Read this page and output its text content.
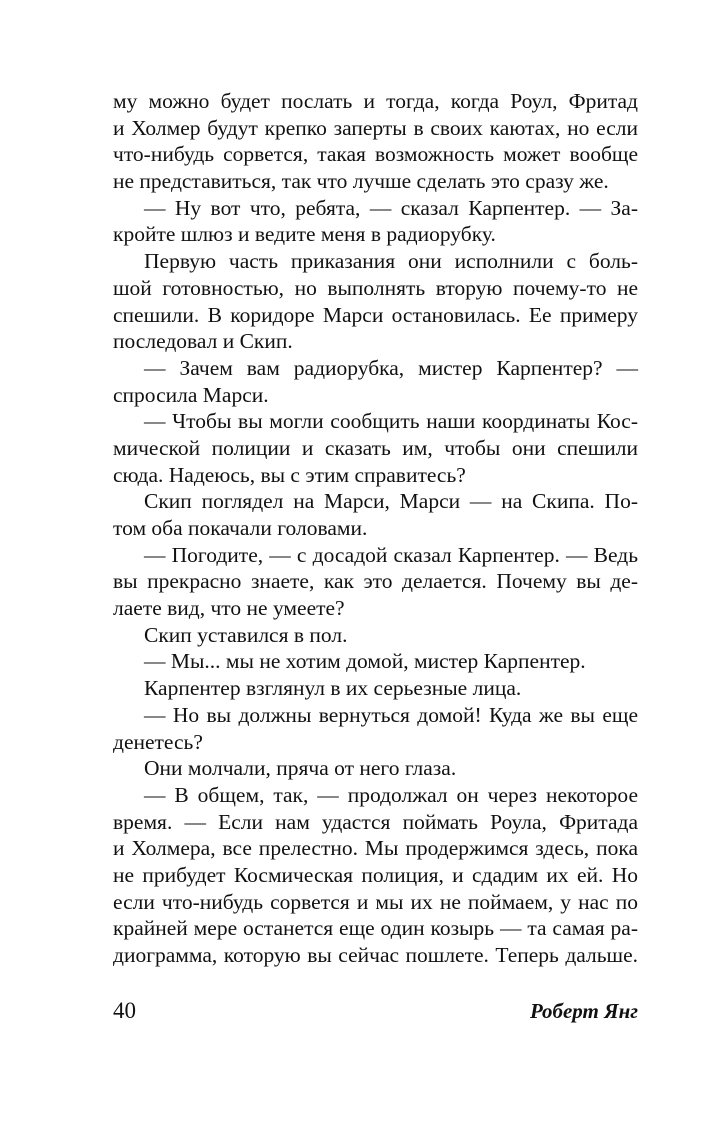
му можно будет послать и тогда, когда Роул, Фритад
и Холмер будут крепко заперты в своих каютах, но если
что-нибудь сорвется, такая возможность может вообще
не представиться, так что лучше сделать это сразу же.
— Ну вот что, ребята, — сказал Карпентер. — За-
кройте шлюз и ведите меня в радиорубку.
Первую часть приказания они исполнили с боль-
шой готовностью, но выполнять вторую почему-то не
спешили. В коридоре Марси остановилась. Ее примеру
последовал и Скип.
— Зачем вам радиорубка, мистер Карпентер? —
спросила Марси.
— Чтобы вы могли сообщить наши координаты Кос-
мической полиции и сказать им, чтобы они спешили
сюда. Надеюсь, вы с этим справитесь?
Скип поглядел на Марси, Марси — на Скипа. По-
том оба покачали головами.
— Погодите, — с досадой сказал Карпентер. — Ведь
вы прекрасно знаете, как это делается. Почему вы де-
лаете вид, что не умеете?
Скип уставился в пол.
— Мы... мы не хотим домой, мистер Карпентер.
Карпентер взглянул в их серьезные лица.
— Но вы должны вернуться домой! Куда же вы еще
денетесь?
Они молчали, пряча от него глаза.
— В общем, так, — продолжал он через некоторое
время. — Если нам удастся поймать Роула, Фритада
и Холмера, все прелестно. Мы продержимся здесь, пока
не прибудет Космическая полиция, и сдадим их ей. Но
если что-нибудь сорвется и мы их не поймаем, у нас по
крайней мере останется еще один козырь — та самая ра-
диограмма, которую вы сейчас пошлете. Теперь дальше.
40	Роберт Янг
